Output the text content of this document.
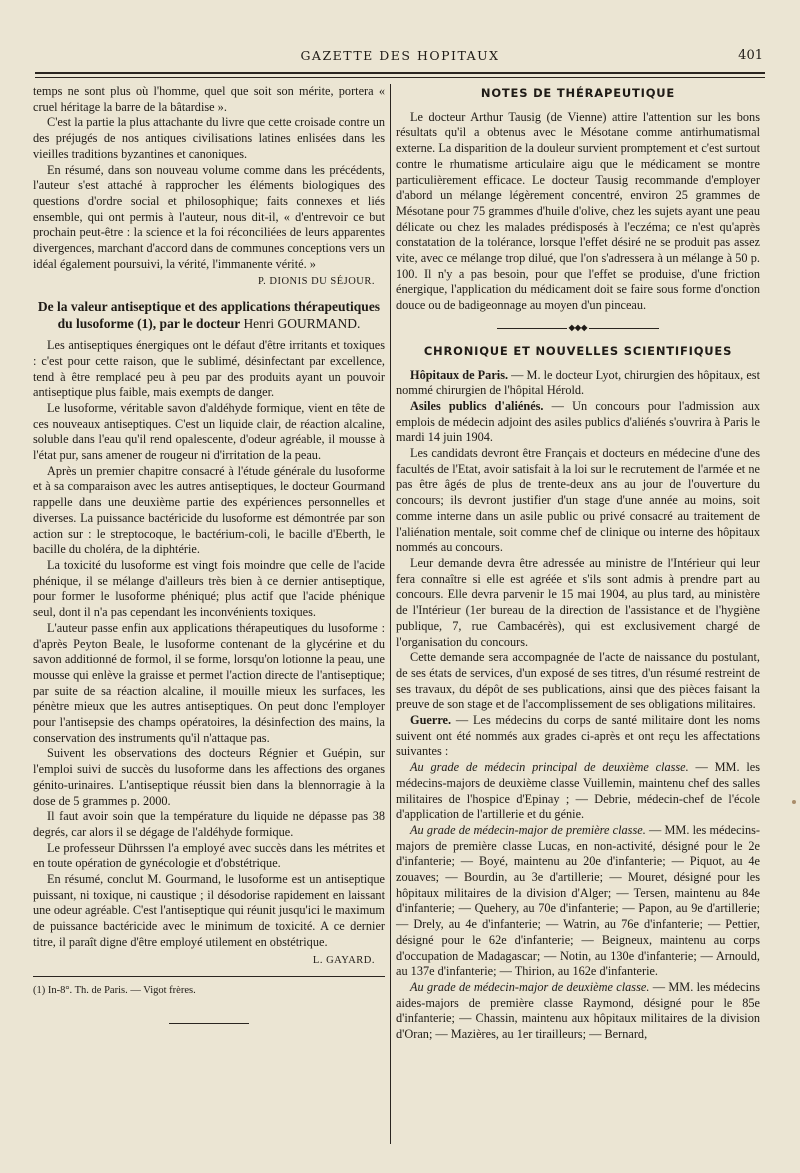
GAZETTE DES HOPITAUX	401

temps ne sont plus où l'homme, quel que soit son mérite, portera « cruel héritage la barre de la bâtardise ».

C'est la partie la plus attachante du livre que cette croisade contre un des préjugés de nos antiques civilisations latines enlisées dans les vieilles traditions byzantines et canoniques.

En résumé, dans son nouveau volume comme dans les précédents, l'auteur s'est attaché à rapprocher les éléments biologiques des questions d'ordre social et philosophique; faits connexes et liés ensemble, qui ont permis à l'auteur, nous dit-il, « d'entrevoir ce but prochain peut-être : la science et la foi réconciliées de leurs apparentes divergences, marchant d'accord dans de communes conceptions vers un idéal également poursuivi, la vérité, l'immanente vérité. »

P. DIONIS DU SÉJOUR.
De la valeur antiseptique et des applications thérapeutiques du lusoforme (1), par le docteur Henri GOURMAND.

Les antiseptiques énergiques ont le défaut d'être irritants et toxiques : c'est pour cette raison, que le sublimé, désinfectant par excellence, tend à être remplacé peu à peu par des produits ayant un pouvoir antiseptique plus faible, mais exempts de danger.

Le lusoforme, véritable savon d'aldéhyde formique, vient en tête de ces nouveaux antiseptiques. C'est un liquide clair, de réaction alcaline, soluble dans l'eau qu'il rend opalescente, d'odeur agréable, il mousse à l'état pur, sans amener de rougeur ni d'irritation de la peau.

Après un premier chapitre consacré à l'étude générale du lusoforme et à sa comparaison avec les autres antiseptiques, le docteur Gourmand rappelle dans une deuxième partie des expériences personnelles et diverses. La puissance bactéricide du lusoforme est démontrée par son action sur : le streptocoque, le bactérium-coli, le bacille d'Eberth, le bacille du choléra, de la diphtérie.

La toxicité du lusoforme est vingt fois moindre que celle de l'acide phénique, il se mélange d'ailleurs très bien à ce dernier antiseptique, pour former le lusoforme phéniqué; plus actif que l'acide phénique seul, dont il n'a pas cependant les inconvénients toxiques.

L'auteur passe enfin aux applications thérapeutiques du lusoforme : d'après Peyton Beale, le lusoforme contenant de la glycérine et du savon additionné de formol, il se forme, lorsqu'on lotionne la peau, une mousse qui enlève la graisse et permet l'action directe de l'antiseptique; par suite de sa réaction alcaline, il mouille mieux les surfaces, les pénètre mieux que les autres antiseptiques. On peut donc l'employer pour l'antisepsie des champs opératoires, la désinfection des mains, la conservation des instruments qu'il n'attaque pas.

Suivent les observations des docteurs Régnier et Guépin, sur l'emploi suivi de succès du lusoforme dans les affections des organes génito-urinaires. L'antiseptique réussit bien dans la blennorragie à la dose de 5 grammes p. 2000.

Il faut avoir soin que la température du liquide ne dépasse pas 38 degrés, car alors il se dégage de l'aldéhyde formique.

Le professeur Dührssen l'a employé avec succès dans les métrites et en toute opération de gynécologie et d'obstétrique.

En résumé, conclut M. Gourmand, le lusoforme est un antiseptique puissant, ni toxique, ni caustique ; il désodorise rapidement en laissant une odeur agréable. C'est l'antiseptique qui réunit jusqu'ici le maximum de puissance bactéricide avec le minimum de toxicité. A ce dernier titre, il paraît digne d'être employé utilement en obstétrique.

L. GAYARD.

(1) In-8°. Th. de Paris. — Vigot frères.

NOTES DE THÉRAPEUTIQUE

Le docteur Arthur Tausig (de Vienne) attire l'attention sur les bons résultats qu'il a obtenus avec le Mésotane comme antirhumatismal externe. La disparition de la douleur survient promptement et c'est surtout contre le rhumatisme articulaire aigu que le médicament se montre particulièrement efficace. Le docteur Tausig recommande d'employer d'abord un mélange légèrement concentré, environ 25 grammes de Mésotane pour 75 grammes d'huile d'olive, chez les sujets ayant une peau délicate ou chez les malades prédisposés à l'eczéma; ce n'est qu'après constatation de la tolérance, lorsque l'effet désiré ne se produit pas assez vite, avec ce mélange trop dilué, que l'on s'adressera à un mélange à 50 p. 100. Il n'y a pas besoin, pour que l'effet se produise, d'une friction énergique, l'application du médicament doit se faire sous forme d'onction douce ou de badigeonnage au moyen d'un pinceau.

◆◆◆
CHRONIQUE ET NOUVELLES SCIENTIFIQUES

Hôpitaux de Paris. — M. le docteur Lyot, chirurgien des hôpitaux, est nommé chirurgien de l'hôpital Hérold.

Asiles publics d'aliénés. — Un concours pour l'admission aux emplois de médecin adjoint des asiles publics d'aliénés s'ouvrira à Paris le mardi 14 juin 1904.

Les candidats devront être Français et docteurs en médecine d'une des facultés de l'Etat, avoir satisfait à la loi sur le recrutement de l'armée et ne pas être âgés de plus de trente-deux ans au jour de l'ouverture du concours; ils devront justifier d'un stage d'une année au moins, soit comme interne dans un asile public ou privé consacré au traitement de l'aliénation mentale, soit comme chef de clinique ou interne des hôpitaux nommés au concours.

Leur demande devra être adressée au ministre de l'Intérieur qui leur fera connaître si elle est agréée et s'ils sont admis à prendre part au concours. Elle devra parvenir le 15 mai 1904, au plus tard, au ministère de l'Intérieur (1er bureau de la direction de l'assistance et de l'hygiène publique, 7, rue Cambacérès), qui est exclusivement chargé de l'organisation du concours.

Cette demande sera accompagnée de l'acte de naissance du postulant, de ses états de services, d'un exposé de ses titres, d'un résumé restreint de ses travaux, du dépôt de ses publications, ainsi que des pièces faisant la preuve de son stage et de l'accomplissement de ses obligations militaires.

Guerre. — Les médecins du corps de santé militaire dont les noms suivent ont été nommés aux grades ci-après et ont reçu les affectations suivantes :

Au grade de médecin principal de deuxième classe. — MM. les médecins-majors de deuxième classe Vuillemin, maintenu chef des salles militaires de l'hospice d'Epinay ; — Debrie, médecin-chef de l'école d'application de l'artillerie et du génie.

Au grade de médecin-major de première classe. — MM. les médecins-majors de première classe Lucas, en non-activité, désigné pour le 2e d'infanterie; — Boyé, maintenu au 20e d'infanterie; — Piquot, au 4e zouaves; — Bourdin, au 3e d'artillerie; — Mouret, désigné pour les hôpitaux militaires de la division d'Alger; — Tersen, maintenu au 84e d'infanterie; — Quehery, au 70e d'infanterie; — Papon, au 9e d'artillerie; — Drely, au 4e d'infanterie; — Watrin, au 76e d'infanterie; — Pettier, désigné pour le 62e d'infanterie; — Beigneux, maintenu au corps d'occupation de Madagascar; — Notin, au 130e d'infanterie; — Arnould, au 137e d'infanterie; — Thirion, au 162e d'infanterie.

Au grade de médecin-major de deuxième classe. — MM. les médecins aides-majors de première classe Raymond, désigné pour le 85e d'infanterie; — Chassin, maintenu aux hôpitaux militaires de la division d'Oran; — Mazières, au 1er tirailleurs; — Bernard,
